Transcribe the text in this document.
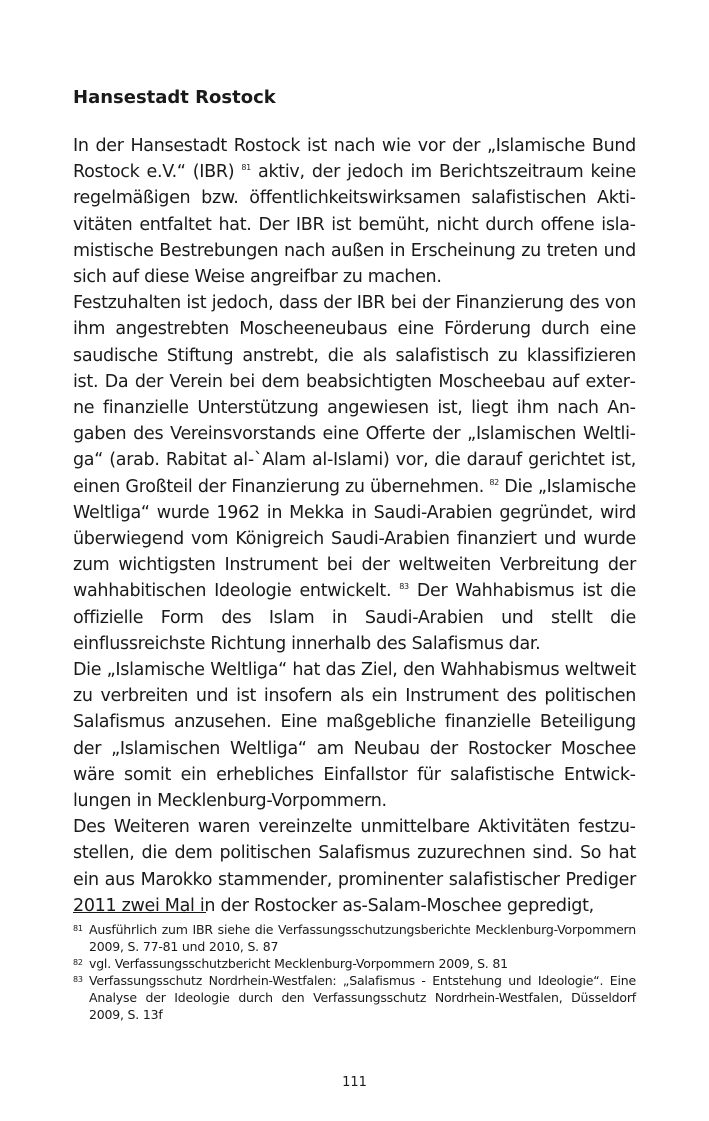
Hansestadt Rostock

In der Hansestadt Rostock ist nach wie vor der „Islamische Bund Rostock e.V.“ (IBR) $^{81}$ aktiv, der jedoch im Berichtszeitraum keine regelmäßigen bzw. öffentlichkeitswirksamen salafistischen Aktivitäten entfaltet hat. Der IBR ist bemüht, nicht durch offene islamistische Bestrebungen nach außen in Erscheinung zu treten und sich auf diese Weise angreifbar zu machen.

Festzuhalten ist jedoch, dass der IBR bei der Finanzierung des von ihm angestrebten Moscheeneubaus eine Förderung durch eine saudische Stiftung anstrebt, die als salafistisch zu klassifizieren ist. Da der Verein bei dem beabsichtigten Moscheebau auf externe finanzielle Unterstützung angewiesen ist, liegt ihm nach Angaben des Vereinsvorstands eine Offerte der „Islamischen Weltliga“ (arab. Rabitat al-`Alam al-Islami) vor, die darauf gerichtet ist, einen Großteil der Finanzierung zu übernehmen. $^{82}$ Die „Islamische Weltliga“ wurde 1962 in Mekka in Saudi-Arabien gegründet, wird überwiegend vom Königreich Saudi-Arabien finanziert und wurde zum wichtigsten Instrument bei der weltweiten Verbreitung der wahhabitischen Ideologie entwickelt. $^{83}$ Der Wahhabismus ist die offizielle Form des Islam in Saudi-Arabien und stellt die einflussreichste Richtung innerhalb des Salafismus dar.

Die „Islamische Weltliga“ hat das Ziel, den Wahhabismus weltweit zu verbreiten und ist insofern als ein Instrument des politischen Salafismus anzusehen. Eine maßgebliche finanzielle Beteiligung der „Islamischen Weltliga“ am Neubau der Rostocker Moschee wäre somit ein erhebliches Einfallstor für salafistische Entwicklungen in Mecklenburg-Vorpommern.

Des Weiteren waren vereinzelte unmittelbare Aktivitäten festzustellen, die dem politischen Salafismus zuzurechnen sind. So hat ein aus Marokko stammender, prominenter salafistischer Prediger 2011 zwei Mal in der Rostocker as-Salam-Moschee gepredigt,

81 Ausführlich zum IBR siehe die Verfassungsschutzungsberichte Mecklenburg-Vorpommern 2009, S. 77-81 und 2010, S. 87
82 vgl. Verfassungsschutzbericht Mecklenburg-Vorpommern 2009, S. 81
83 Verfassungsschutz Nordrhein-Westfalen: „Salafismus - Entstehung und Ideologie“. Eine Analyse der Ideologie durch den Verfassungsschutz Nordrhein-Westfalen, Düsseldorf 2009, S. 13f
111
